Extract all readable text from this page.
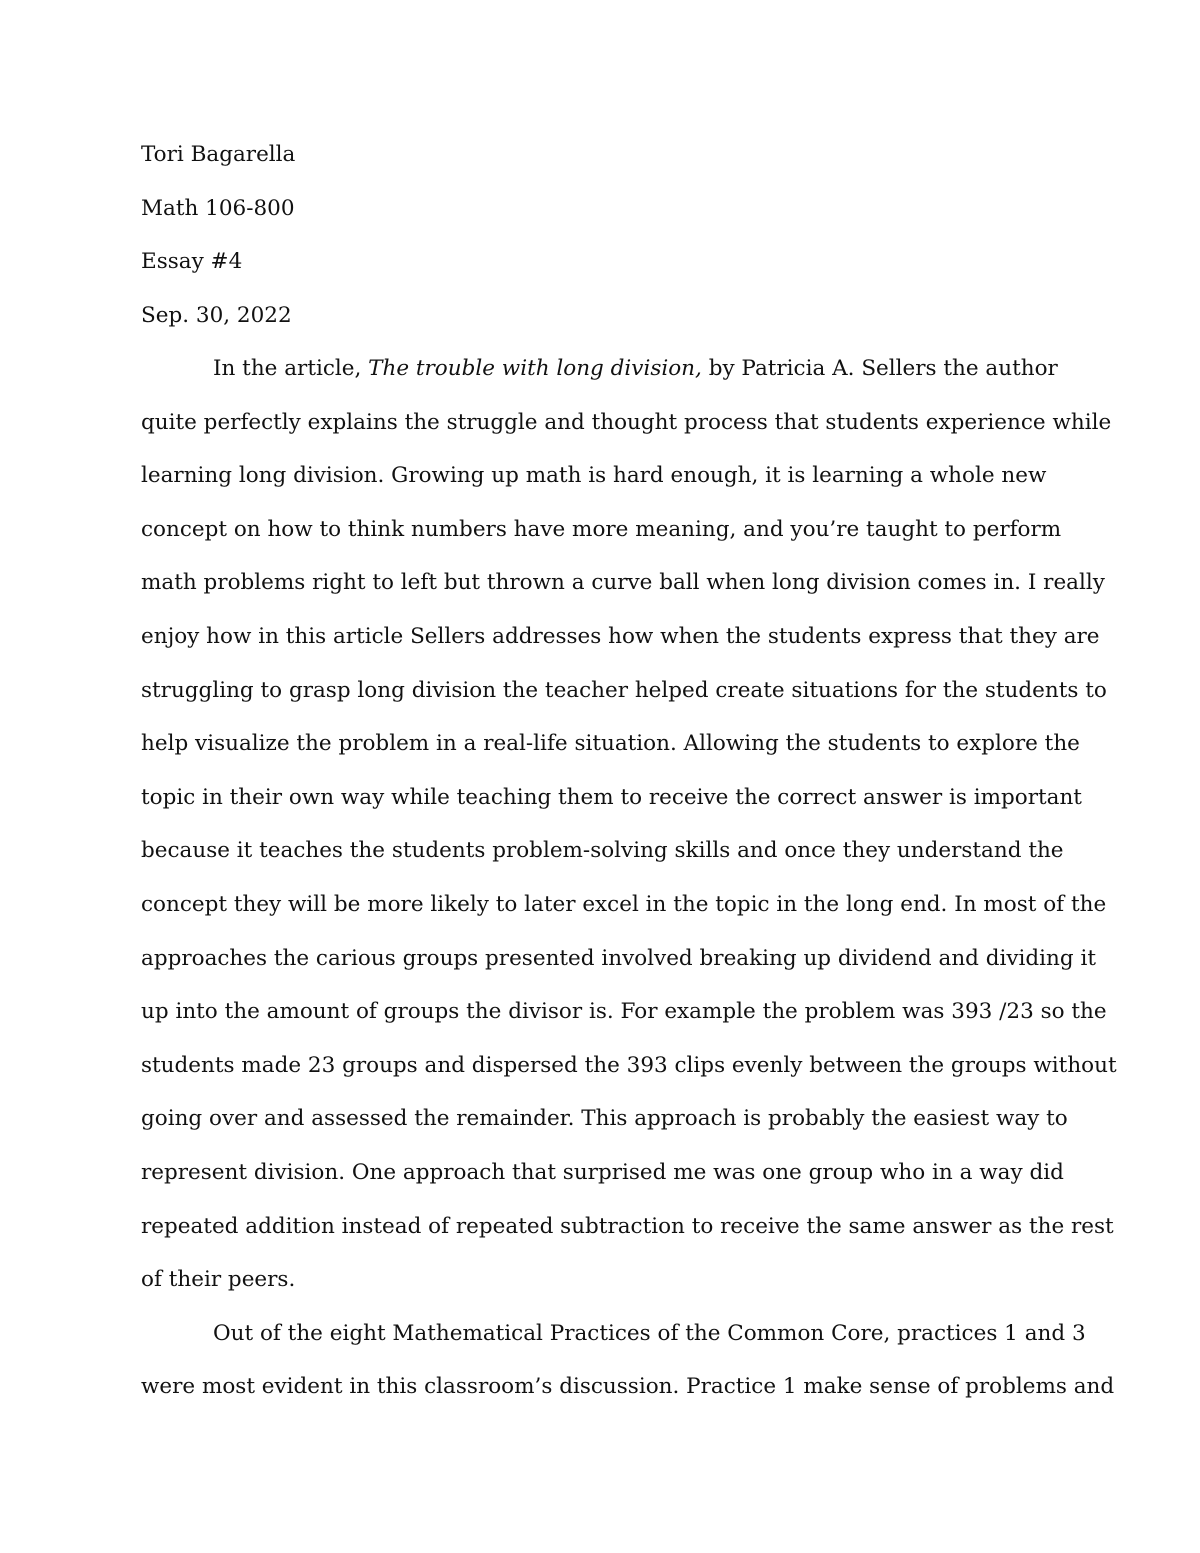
Tori Bagarella
Math 106-800
Essay #4
Sep. 30, 2022
In the article, The trouble with long division, by Patricia A. Sellers the author
quite perfectly explains the struggle and thought process that students experience while
learning long division. Growing up math is hard enough, it is learning a whole new
concept on how to think numbers have more meaning, and you’re taught to perform
math problems right to left but thrown a curve ball when long division comes in. I really
enjoy how in this article Sellers addresses how when the students express that they are
struggling to grasp long division the teacher helped create situations for the students to
help visualize the problem in a real-life situation. Allowing the students to explore the
topic in their own way while teaching them to receive the correct answer is important
because it teaches the students problem-solving skills and once they understand the
concept they will be more likely to later excel in the topic in the long end. In most of the
approaches the carious groups presented involved breaking up dividend and dividing it
up into the amount of groups the divisor is. For example the problem was 393 /23 so the
students made 23 groups and dispersed the 393 clips evenly between the groups without
going over and assessed the remainder. This approach is probably the easiest way to
represent division. One approach that surprised me was one group who in a way did
repeated addition instead of repeated subtraction to receive the same answer as the rest
of their peers.
Out of the eight Mathematical Practices of the Common Core, practices 1 and 3
were most evident in this classroom’s discussion. Practice 1 make sense of problems and
